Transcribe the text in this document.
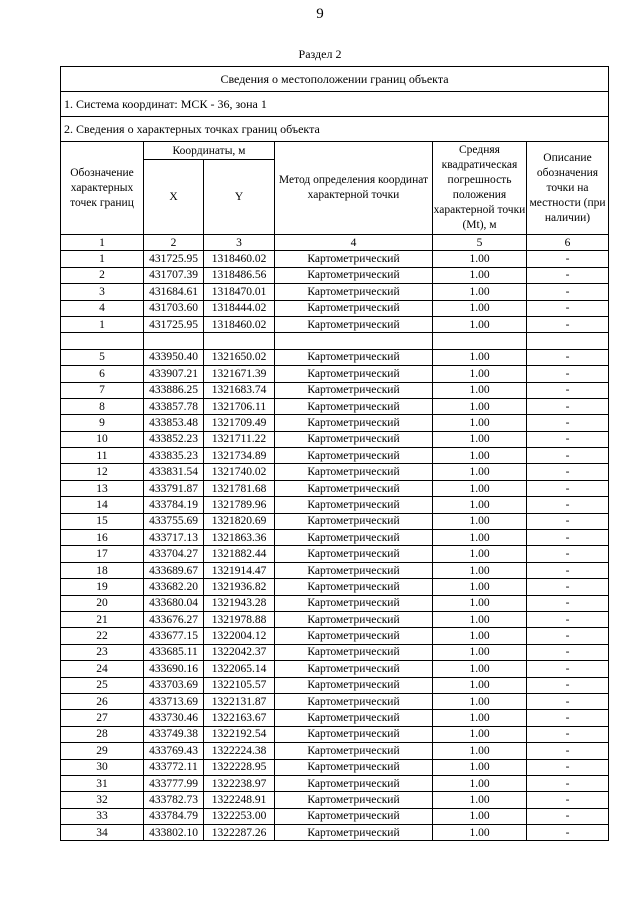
9
Раздел 2
Сведения о местоположении границ объекта					
1. Система координат: МСК - 36, зона 1					
2. Сведения о характерных точках границ объекта					
Обозначение характерных точек границ	Координаты, м		Метод определения координат характерной точки	Средняя квадратическая погрешность положения характерной точки (Mt), м	Описание обозначения точки на местности (при наличии)
	X	Y			
1	2	3	4	5	6
1	431725.95	1318460.02	Картометрический	1.00	-
2	431707.39	1318486.56	Картометрический	1.00	-
3	431684.61	1318470.01	Картометрический	1.00	-
4	431703.60	1318444.02	Картометрический	1.00	-
1	431725.95	1318460.02	Картометрический	1.00	-

5	433950.40	1321650.02	Картометрический	1.00	-
6	433907.21	1321671.39	Картометрический	1.00	-
7	433886.25	1321683.74	Картометрический	1.00	-
8	433857.78	1321706.11	Картометрический	1.00	-
9	433853.48	1321709.49	Картометрический	1.00	-
10	433852.23	1321711.22	Картометрический	1.00	-
11	433835.23	1321734.89	Картометрический	1.00	-
12	433831.54	1321740.02	Картометрический	1.00	-
13	433791.87	1321781.68	Картометрический	1.00	-
14	433784.19	1321789.96	Картометрический	1.00	-
15	433755.69	1321820.69	Картометрический	1.00	-
16	433717.13	1321863.36	Картометрический	1.00	-
17	433704.27	1321882.44	Картометрический	1.00	-
18	433689.67	1321914.47	Картометрический	1.00	-
19	433682.20	1321936.82	Картометрический	1.00	-
20	433680.04	1321943.28	Картометрический	1.00	-
21	433676.27	1321978.88	Картометрический	1.00	-
22	433677.15	1322004.12	Картометрический	1.00	-
23	433685.11	1322042.37	Картометрический	1.00	-
24	433690.16	1322065.14	Картометрический	1.00	-
25	433703.69	1322105.57	Картометрический	1.00	-
26	433713.69	1322131.87	Картометрический	1.00	-
27	433730.46	1322163.67	Картометрический	1.00	-
28	433749.38	1322192.54	Картометрический	1.00	-
29	433769.43	1322224.38	Картометрический	1.00	-
30	433772.11	1322228.95	Картометрический	1.00	-
31	433777.99	1322238.97	Картометрический	1.00	-
32	433782.73	1322248.91	Картометрический	1.00	-
33	433784.79	1322253.00	Картометрический	1.00	-
34	433802.10	1322287.26	Картометрический	1.00	-
